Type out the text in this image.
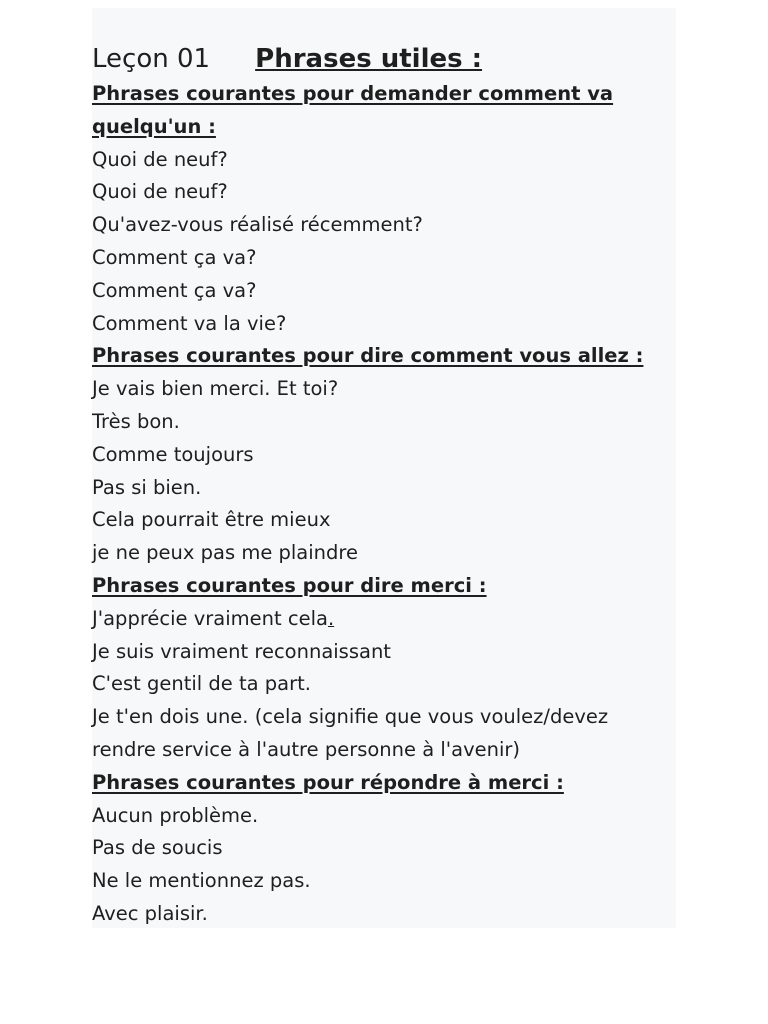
Leçon 01 Phrases utiles :
Phrases courantes pour demander comment va
quelqu'un :
Quoi de neuf?
Quoi de neuf?
Qu'avez-vous réalisé récemment?
Comment ça va?
Comment ça va?
Comment va la vie?
Phrases courantes pour dire comment vous allez :
Je vais bien merci. Et toi?
Très bon.
Comme toujours
Pas si bien.
Cela pourrait être mieux
je ne peux pas me plaindre
Phrases courantes pour dire merci :
J'apprécie vraiment cela.
Je suis vraiment reconnaissant
C'est gentil de ta part.
Je t'en dois une. (cela signifie que vous voulez/devez
rendre service à l'autre personne à l'avenir)
Phrases courantes pour répondre à merci :
Aucun problème.
Pas de soucis
Ne le mentionnez pas.
Avec plaisir.
